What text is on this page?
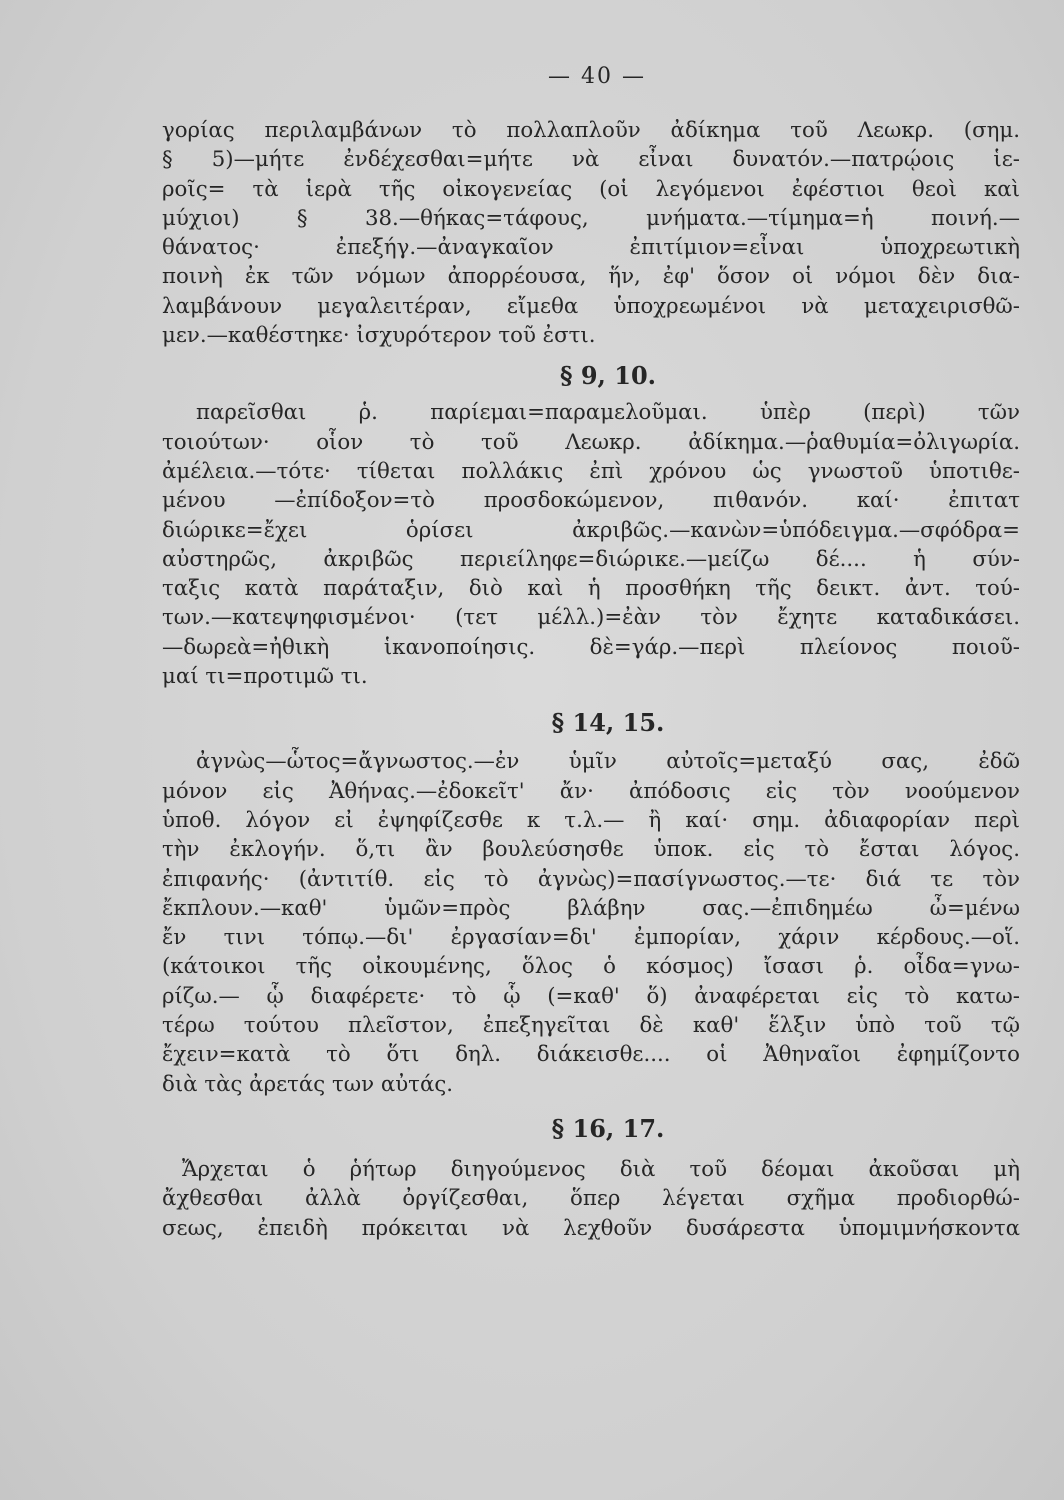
— 40 —
γορίας περιλαμβάνων τὸ πολλαπλοῦν ἀδίκημα τοῦ Λεωκρ. (σημ.
§ 5)—μήτε ἐνδέχεσθαι=μήτε νὰ εἶναι δυνατόν.—πατρῴοις ἱε-
ροῖς= τὰ ἱερὰ τῆς οἰκογενείας (οἱ λεγόμενοι ἐφέστιοι θεοὶ καὶ
μύχιοι) § 38.—θήκας=τάφους, μνήματα.—τίμημα=ἡ ποινή.—
θάνατος· ἐπεξήγ.—ἀναγκαῖον ἐπιτίμιον=εἶναι ὑποχρεωτικὴ
ποινὴ ἐκ τῶν νόμων ἀπορρέουσα, ἥν, ἐφ' ὅσον οἱ νόμοι δὲν δια-
λαμβάνουν μεγαλειτέραν, εἴμεθα ὑποχρεωμένοι νὰ μεταχειρισθῶ-
μεν.—καθέστηκε· ἰσχυρότερον τοῦ ἐστι.
§ 9, 10.
παρεῖσθαι ῥ. παρίεμαι=παραμελοῦμαι. ὑπὲρ (περὶ) τῶν
τοιούτων· οἷον τὸ τοῦ Λεωκρ. ἀδίκημα.—ῥαθυμία=ὀλιγωρία.
ἀμέλεια.—τότε· τίθεται πολλάκις ἐπὶ χρόνου ὡς γνωστοῦ ὑποτιθε-
μένου —ἐπίδοξον=τὸ προσδοκώμενον, πιθανόν. καί· ἐπιτατ
διώρικε=ἔχει ὁρίσει ἀκριβῶς.—κανὼν=ὑπόδειγμα.—σφόδρα=
αὐστηρῶς, ἀκριβῶς περιείληφε=διώρικε.—μείζω δέ.... ἡ σύν-
ταξις κατὰ παράταξιν, διὸ καὶ ἡ προσθήκη τῆς δεικτ. ἀντ. τού-
των.—κατεψηφισμένοι· (τετ μέλλ.)=ἐὰν τὸν ἔχητε καταδικάσει.
—δωρεὰ=ἠθικὴ ἱκανοποίησις. δὲ=γάρ.—περὶ πλείονος ποιοῦ-
μαί τι=προτιμῶ τι.
§ 14, 15.
ἀγνὼς—ὧτος=ἄγνωστος.—ἐν ὑμῖν αὐτοῖς=μεταξύ σας, ἐδῶ
μόνον εἰς Ἀθήνας.—ἐδοκεῖτ' ἄν· ἀπόδοσις εἰς τὸν νοούμενον
ὑποθ. λόγον εἰ ἐψηφίζεσθε κ τ.λ.— ἢ καί· σημ. ἀδιαφορίαν περὶ
τὴν ἐκλογήν. ὅ,τι ἂν βουλεύσησθε ὑποκ. εἰς τὸ ἔσται λόγος.
ἐπιφανής· (ἀντιτίθ. εἰς τὸ ἀγνὼς)=πασίγνωστος.—τε· διά τε τὸν
ἔκπλουν.—καθ' ὑμῶν=πρὸς βλάβην σας.—ἐπιδημέω ὦ=μένω
ἔν τινι τόπῳ.—δι' ἐργασίαν=δι' ἐμπορίαν, χάριν κέρδους.—οἵ.
(κάτοικοι τῆς οἰκουμένης, ὅλος ὁ κόσμος) ἴσασι ῥ. οἶδα=γνω-
ρίζω.— ᾧ διαφέρετε· τὸ ᾧ (=καθ' ὅ) ἀναφέρεται εἰς τὸ κατω-
τέρω τούτου πλεῖστον, ἐπεξηγεῖται δὲ καθ' ἕλξιν ὑπὸ τοῦ τῷ
ἔχειν=κατὰ τὸ ὅτι δηλ. διάκεισθε.... οἱ Ἀθηναῖοι ἐφημίζοντο
διὰ τὰς ἀρετάς των αὐτάς.
§ 16, 17.
Ἄρχεται ὁ ῥήτωρ διηγούμενος διὰ τοῦ δέομαι ἀκοῦσαι μὴ
ἄχθεσθαι ἀλλὰ ὀργίζεσθαι, ὅπερ λέγεται σχῆμα προδιορθώ-
σεως, ἐπειδὴ πρόκειται νὰ λεχθοῦν δυσάρεστα ὑπομιμνήσκοντα
